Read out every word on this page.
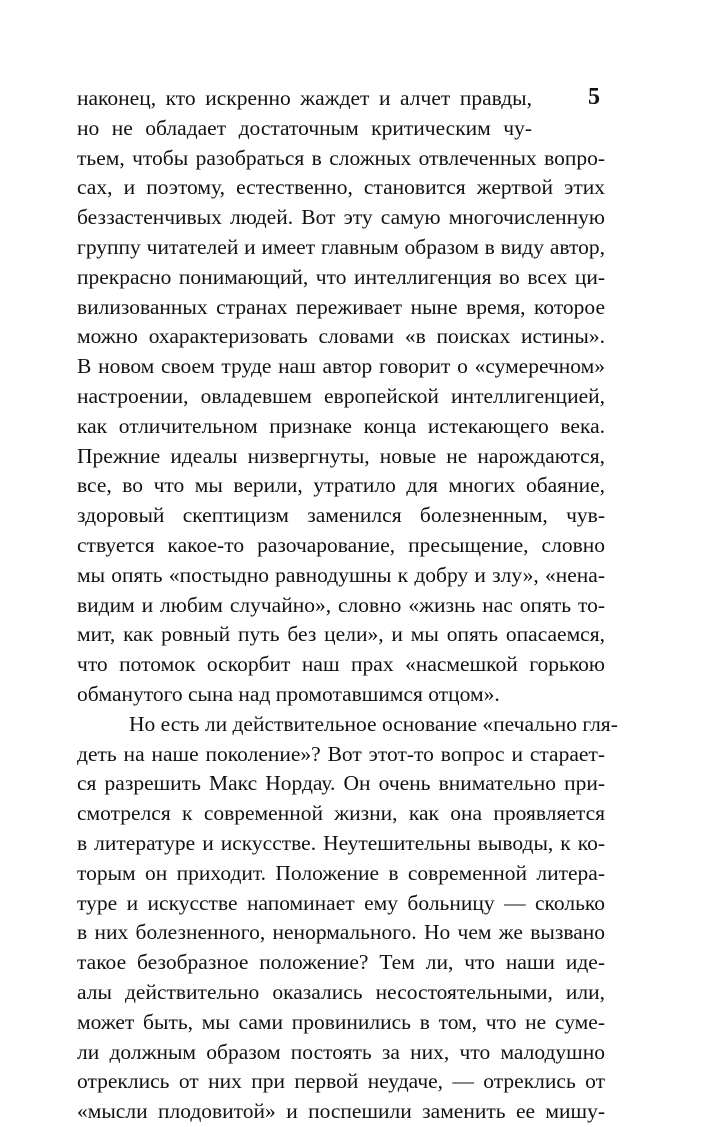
5
наконец, кто искренно жаждет и алчет правды,
но не обладает достаточным критическим чу-
тьем, чтобы разобраться в сложных отвлеченных вопро-
сах, и поэтому, естественно, становится жертвой этих
беззастенчивых людей. Вот эту самую многочисленную
группу читателей и имеет главным образом в виду автор,
прекрасно понимающий, что интеллигенция во всех ци-
вилизованных странах переживает ныне время, которое
можно охарактеризовать словами «в поисках истины».
В новом своем труде наш автор говорит о «сумеречном»
настроении, овладевшем европейской интеллигенцией,
как отличительном признаке конца истекающего века.
Прежние идеалы низвергнуты, новые не нарождаются,
все, во что мы верили, утратило для многих обаяние,
здоровый скептицизм заменился болезненным, чув-
ствуется какое-то разочарование, пресыщение, словно
мы опять «постыдно равнодушны к добру и злу», «нена-
видим и любим случайно», словно «жизнь нас опять то-
мит, как ровный путь без цели», и мы опять опасаемся,
что потомок оскорбит наш прах «насмешкой горькою
обманутого сына над промотавшимся отцом».
Но есть ли действительное основание «печально гля-
деть на наше поколение»? Вот этот-то вопрос и старает-
ся разрешить Макс Нордау. Он очень внимательно при-
смотрелся к современной жизни, как она проявляется
в литературе и искусстве. Неутешительны выводы, к ко-
торым он приходит. Положение в современной литера-
туре и искусстве напоминает ему больницу — сколько
в них болезненного, ненормального. Но чем же вызвано
такое безобразное положение? Тем ли, что наши иде-
алы действительно оказались несостоятельными, или,
может быть, мы сами провинились в том, что не суме-
ли должным образом постоять за них, что малодушно
отреклись от них при первой неудаче, — отреклись от
«мысли плодовитой» и поспешили заменить ее мишу-
